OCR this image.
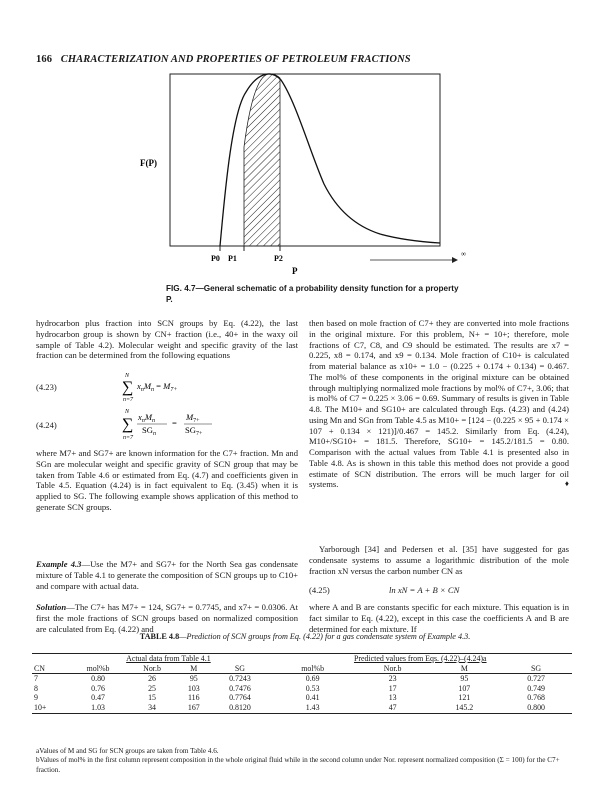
166 CHARACTERIZATION AND PROPERTIES OF PETROLEUM FRACTIONS
F(P)
P0 P1	P2
P
∞
FIG. 4.7—General schematic of a probability density function for a property P.
hydrocarbon plus fraction into SCN groups by Eq. (4.22), the last hydrocarbon group is shown by CN+ fraction (i.e., 40+ in the waxy oil sample of Table 4.2). Molecular weight and specific gravity of the last fraction can be determined from the following equations
(4.23)
N
∑
n=7
$x_nM_n = M_{7+}$
(4.24)
N
∑
n=7
$x_nM_n$
$SG_n$
=
$M_{7+}$
$SG_{7+}$
where M7+ and SG7+ are known information for the C7+ fraction. Mn and SGn are molecular weight and specific gravity of SCN group that may be taken from Table 4.6 or estimated from Eq. (4.7) and coefficients given in Table 4.5. Equation (4.24) is in fact equivalent to Eq. (3.45) when it is applied to SG. The following example shows application of this method to generate SCN groups.
Example 4.3—Use the M7+ and SG7+ for the North Sea gas condensate mixture of Table 4.1 to generate the composition of SCN groups up to C10+ and compare with actual data.
Solution—The C7+ has M7+ = 124, SG7+ = 0.7745, and x7+ = 0.0306. At first the mole fractions of SCN groups based on normalized composition are calculated from Eq. (4.22) and
then based on mole fraction of C7+ they are converted into mole fractions in the original mixture. For this problem, N+ = 10+; therefore, mole fractions of C7, C8, and C9 should be estimated. The results are x7 = 0.225, x8 = 0.174, and x9 = 0.134. Mole fraction of C10+ is calculated from material balance as x10+ = 1.0 − (0.225 + 0.174 + 0.134) = 0.467. The mol% of these components in the original mixture can be obtained through multiplying normalized mole fractions by mol% of C7+, 3.06; that is mol% of C7 = 0.225 × 3.06 = 0.69. Summary of results is given in Table 4.8. The M10+ and SG10+ are calculated through Eqs. (4.23) and (4.24) using Mn and SGn from Table 4.5 as M10+ = [124 − (0.225 × 95 + 0.174 × 107 + 0.134 × 121)]/0.467 = 145.2. Similarly from Eq. (4.24), M10+/SG10+ = 181.5. Therefore, SG10+ = 145.2/181.5 = 0.80. Comparison with the actual values from Table 4.1 is presented also in Table 4.8. As is shown in this table this method does not provide a good estimate of SCN distribution. The errors will be much larger for oil systems.	♦
Yarborough [34] and Pedersen et al. [35] have suggested for gas condensate systems to assume a logarithmic distribution of the mole fraction xN versus the carbon number CN as
(4.25)	ln xN = A + B × CN
where A and B are constants specific for each mixture. This equation is in fact similar to Eq. (4.22), except in this case the coefficients A and B are determined for each mixture. If
TABLE 4.8—Prediction of SCN groups from Eq. (4.22) for a gas condensate system of Example 4.3.
	Actual data from Table 4.1				Predicted values from Eqs. (4.22)–(4.24)a			
CN	mol%b	Nor.b	M	SG	mol%b	Nor.b	M	SG
7	0.80	26	95	0.7243	0.69	23	95	0.727
8	0.76	25	103	0.7476	0.53	17	107	0.749
9	0.47	15	116	0.7764	0.41	13	121	0.768
10+	1.03	34	167	0.8120	1.43	47	145.2	0.800

aValues of M and SG for SCN groups are taken from Table 4.6.

bValues of mol% in the first column represent composition in the whole original fluid while in the second column under Nor. represent normalized composition (Σ = 100) for the C7+ fraction.
